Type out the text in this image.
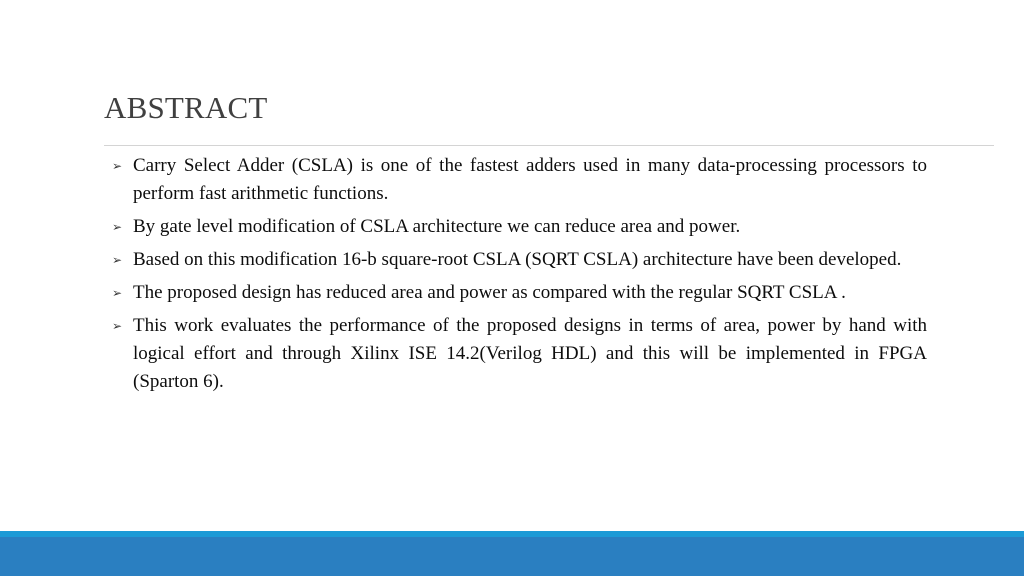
ABSTRACT
➢ Carry Select Adder (CSLA) is one of the fastest adders used in many data-processing processors to perform fast arithmetic functions.
➢ By gate level modification of CSLA architecture we can reduce area and power.
➢ Based on this modification 16-b square-root CSLA (SQRT CSLA) architecture have been developed.
➢ The proposed design has reduced area and power as compared with the regular SQRT CSLA .
➢ This work evaluates the performance of the proposed designs in terms of area, power by hand with logical effort and through Xilinx ISE 14.2(Verilog HDL) and this will be implemented in FPGA (Sparton 6).
